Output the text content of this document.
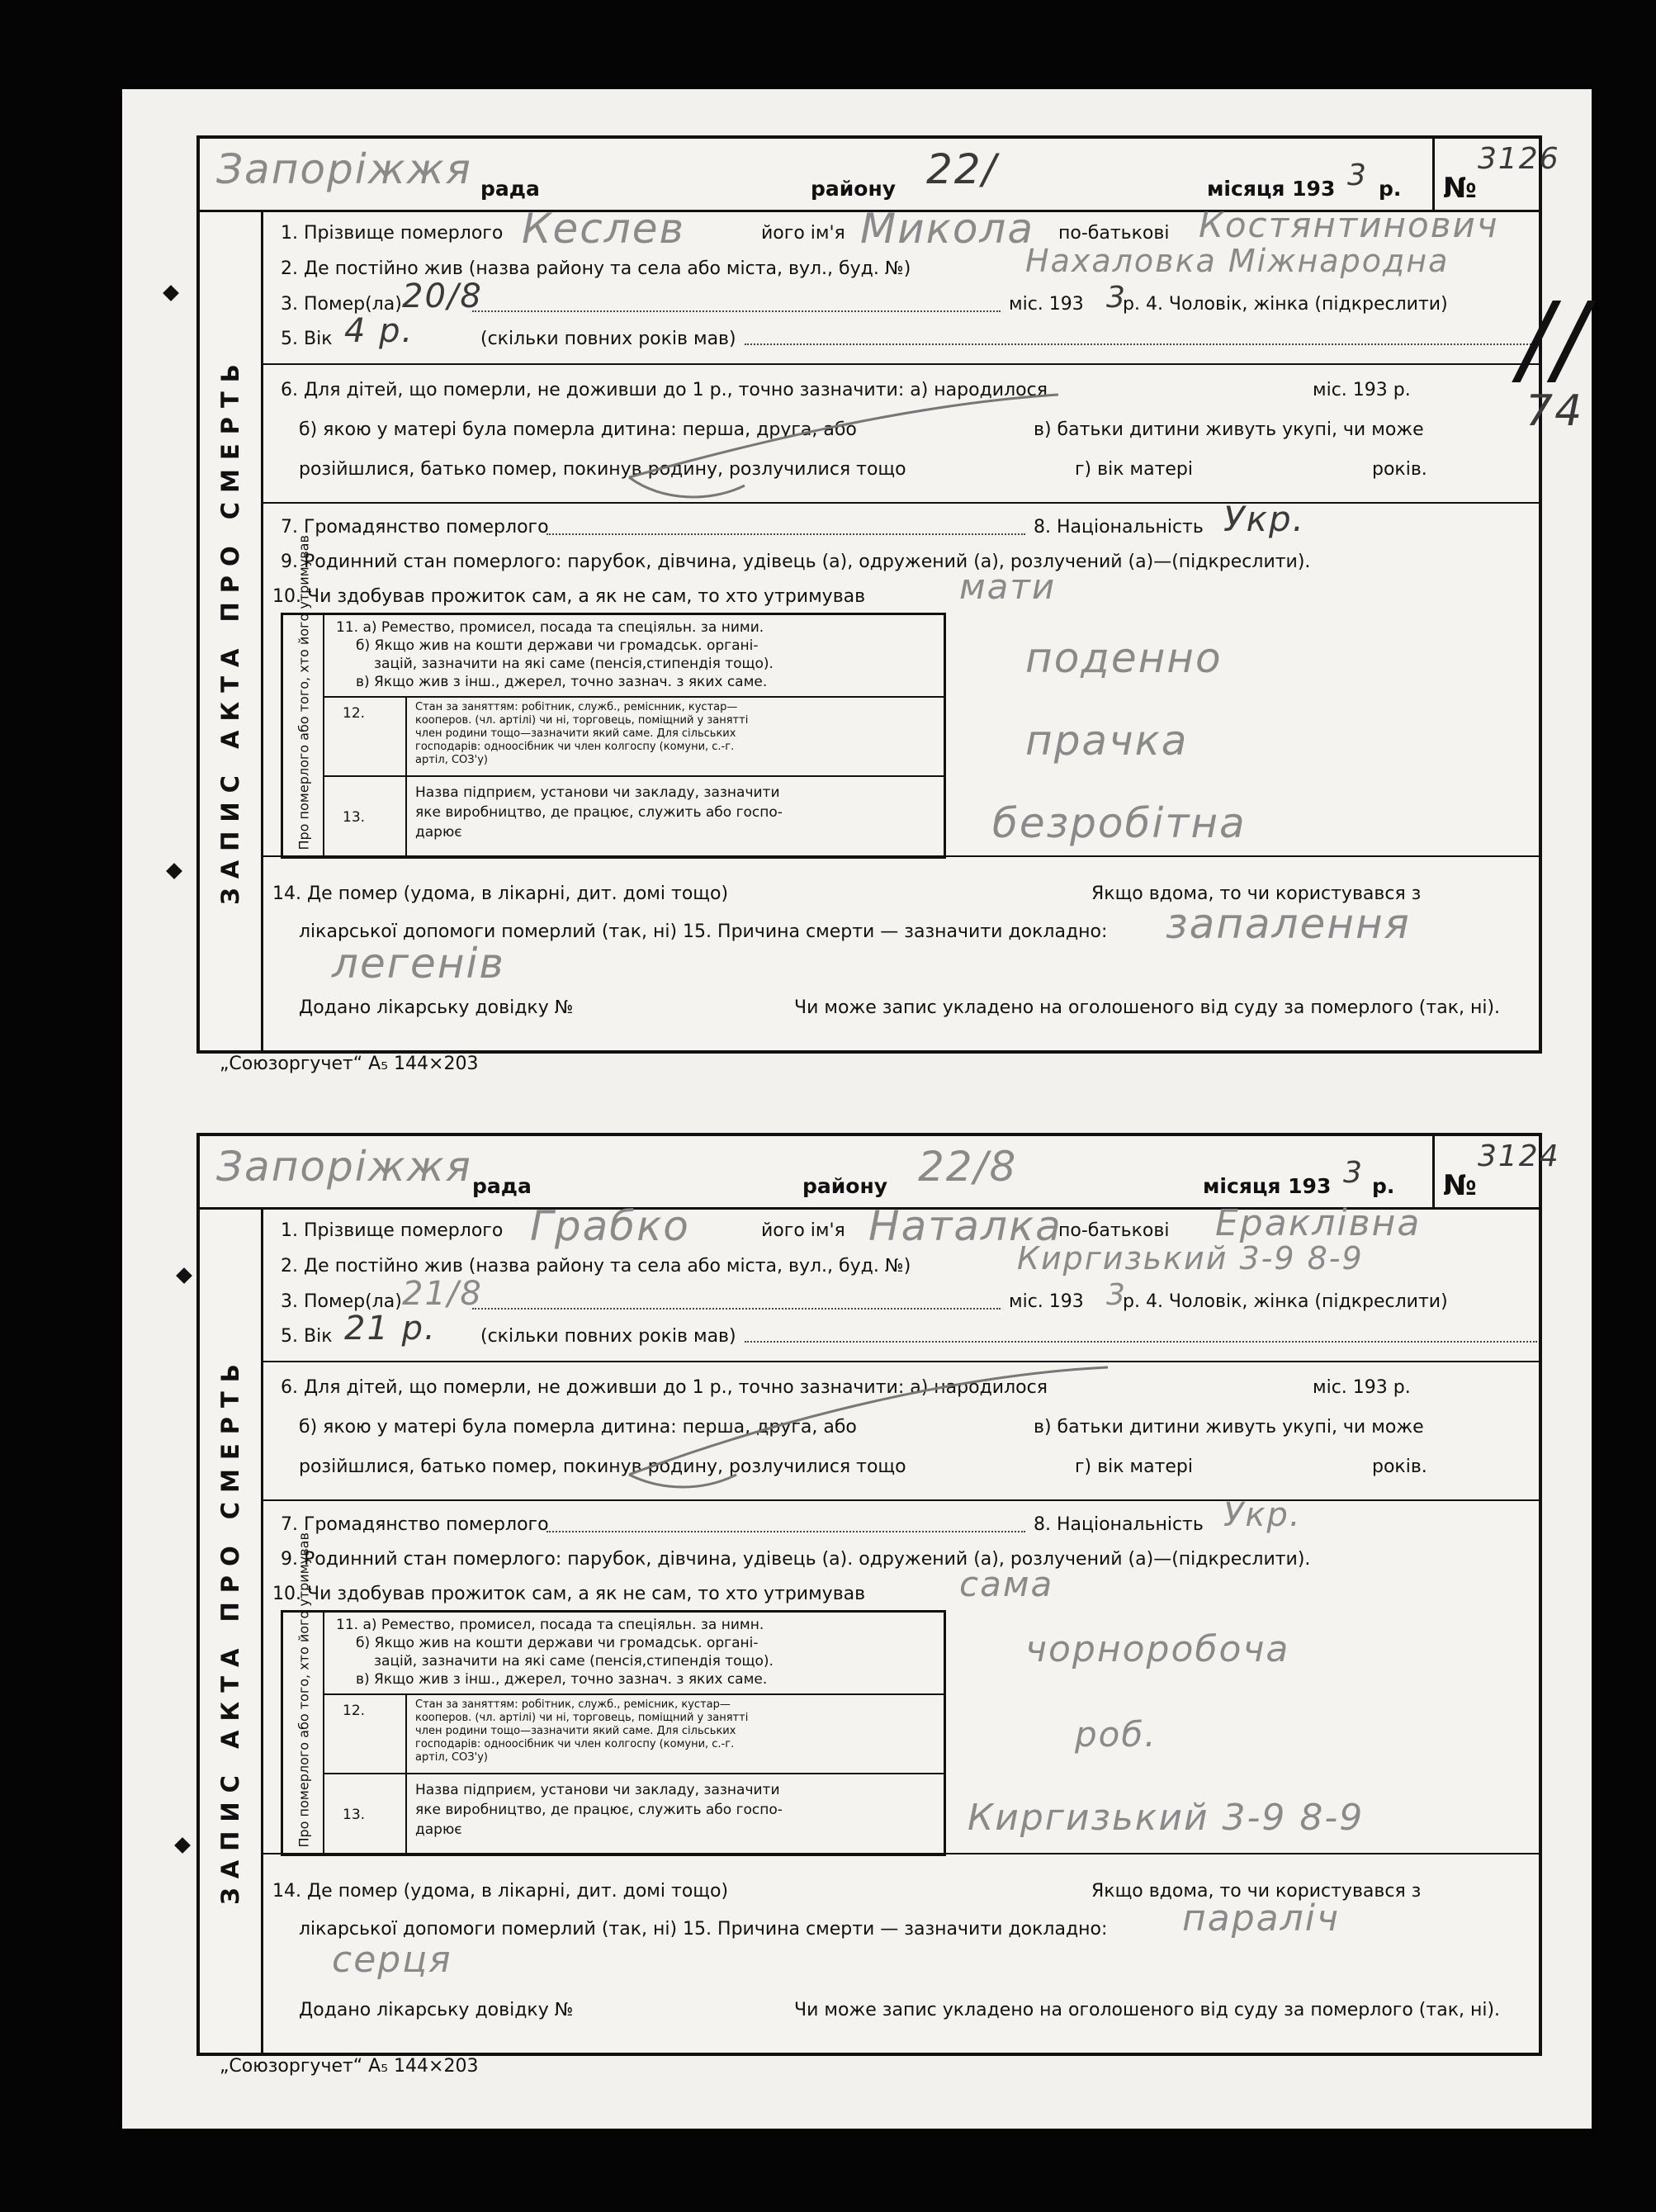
Запоріжжя рада	22/
району	місяця 193 3 р. №
3126
ЗАПИС АКТА ПРО СМЕРТЬ
1. Прізвище померлого Кеслев	його ім'я Микола по-батькові Костянтинович
2. Де постійно жив (назва району та села або міста, вул., буд. №)	Нахаловка Міжнародна
3. Помер(ла) 20/8	міс. 193 3
р. 4. Чоловік, жінка (підкреслити)
5. Вік 4 р.	(скільки повних років мав)
6. Для дітей, що померли, не доживши до 1 р., точно зазначити: а) народилося	міс. 193 р.
б) якою у матері була померла дитина: перша, друга, або	в) батьки дитини живуть укупі, чи може
розійшлися, батько помер, покинув родину, розлучилися тощо	г) вік матері	років.
7. Громадянство померлого	8. Національність Укр.
9. Родинний стан померлого: парубок, дівчина, удівець (а), одружений (а), розлучений (а)—(підкреслити).
10. Чи здобував прожиток сам, а як не сам, то хто утримував	мати
Про померлого або того, хто його утримував 11. а) Ремество, промисел, посада та спеціяльн. за ними.
б) Якщо жив на кошти держави чи громадськ. органі-
зацій, зазначити на які саме (пенсія,стипендія тощо).
в) Якщо жив з інш., джерел, точно зазнач. з яких саме.
12.	Стан за заняттям: робітник, служб., реміснник, кустар—
кооперов. (чл. артілі) чи ні, торговець, поміщний у занятті
член родини тощо—зазначити який саме. Для сільських
господарів: одноосібник чи член колгоспу (комуни, с.-г.
артіл, СОЗ'у)
13.
Назва підприєм, установи чи закладу, зазначити
яке виробництво, де працює, служить або госпо-
дарює
поденно
прачка
безробітна
14. Де помер (удома, в лікарні, дит. домі тощо)	Якщо вдома, то чи користувався з
лікарської допомоги померлий (так, ні) 15. Причина смерти — зазначити докладно: запалення
легенів
Додано лікарську довідку №	Чи може запис укладено на оголошеного від суду за померлого (так, ні).
„Союзоргучет“ А₅ 144×203
//
74
Запоріжжя рада	22/8
району	місяця 193 3 р. №
3124
ЗАПИС АКТА ПРО СМЕРТЬ
1. Прізвище померлого Грабко	його ім'я Наталка
по-батькові Ераклівна
2. Де постійно жив (назва району та села або міста, вул., буд. №)	Киргизький 3-9 8-9
3. Помер(ла) 21/8	міс. 193 3
р. 4. Чоловік, жінка (підкреслити)
5. Вік 21 р. (скільки повних років мав)
6. Для дітей, що померли, не доживши до 1 р., точно зазначити: а) народилося	міс. 193 р.
б) якою у матері була померла дитина: перша, друга, або	в) батьки дитини живуть укупі, чи може
розійшлися, батько помер, покинув родину, розлучилися тощо	г) вік матері	років.
7. Громадянство померлого	8. Національність Укр.
9. Родинний стан померлого: парубок, дівчина, удівець (а). одружений (а), розлучений (а)—(підкреслити).
10. Чи здобував прожиток сам, а як не сам, то хто утримував	сама
Про померлого або того, хто його утримував 11. а) Ремество, промисел, посада та спеціяльн. за нимн.
б) Якщо жив на кошти держави чи громадськ. органі-
зацій, зазначити на які саме (пенсія,стипендія тощо).
в) Якщо жив з інш., джерел, точно зазнач. з яких саме.
12.	Стан за заняттям: робітник, служб., ремісник, кустар—
кооперов. (чл. артілі) чи ні, торговець, поміщний у занятті
член родини тощо—зазначити який саме. Для сільських
господарів: одноосібник чи член колгоспу (комуни, с.-г.
артіл, СОЗ'у)
13.
Назва підприєм, установи чи закладу, зазначити
яке виробництво, де працює, служить або госпо-
дарює
чорноробоча
роб.
Киргизький 3-9 8-9
14. Де помер (удома, в лікарні, дит. домі тощо)	Якщо вдома, то чи користувався з
лікарської допомоги померлий (так, ні) 15. Причина смерти — зазначити докладно: параліч
серця
Додано лікарську довідку №	Чи може запис укладено на оголошеного від суду за померлого (так, ні).
„Союзоргучет“ А₅ 144×203
